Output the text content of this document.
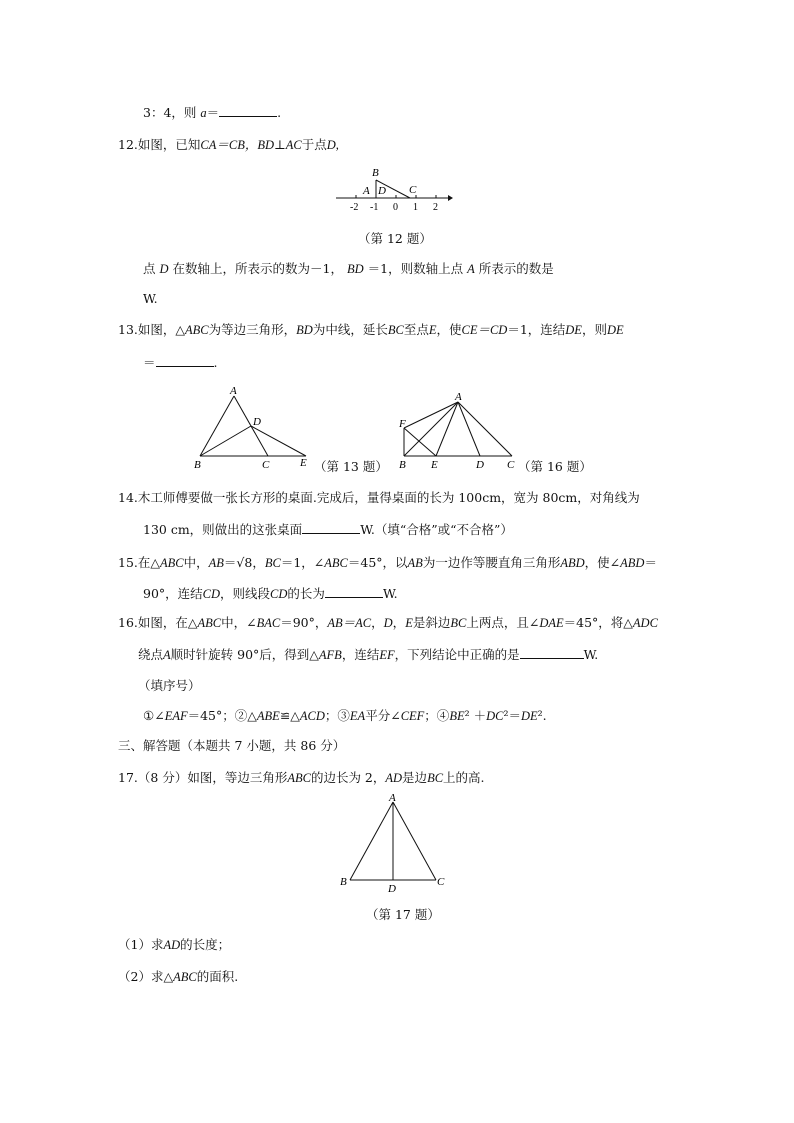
3：4，则 a＝	.
12.如图，已知CA＝CB，BD⊥AC于点D,
B
A D C
-2 -1 0 1 2
（第 12 题）
点 D 在数轴上，所表示的数为－1， BD ＝1，则数轴上点 A 所表示的数是
W.
13.如图，△ABC为等边三角形，BD为中线，延长BC至点E，使CE＝CD＝1，连结DE，则DE
＝	.
A
D
B	C	E （第 13 题）
A
F
B E	D C （第 16 题）
14.木工师傅要做一张长方形的桌面.完成后，量得桌面的长为 100cm，宽为 80cm，对角线为
130 cm，则做出的这张桌面	W.（填“合格”或“不合格”）
15.在△ABC中，AB＝√8，BC＝1，∠ABC＝45°，以AB为一边作等腰直角三角形ABD，使∠ABD＝
90°，连结CD，则线段CD的长为	W.
16.如图，在△ABC中，∠BAC＝90°，AB＝AC，D，E是斜边BC上两点，且∠DAE＝45°，将△ADC
绕点A顺时针旋转 90°后，得到△AFB，连结EF，下列结论中正确的是	W.
（填序号）
①∠EAF＝45°；②△ABE≌△ACD；③EA平分∠CEF；④BE² ＋DC²＝DE².
三、解答题（本题共 7 小题，共 86 分）
17.（8 分）如图，等边三角形ABC的边长为 2，AD是边BC上的高.
A
B
D
C
（第 17 题）
（1）求AD的长度；
（2）求△ABC的面积.
